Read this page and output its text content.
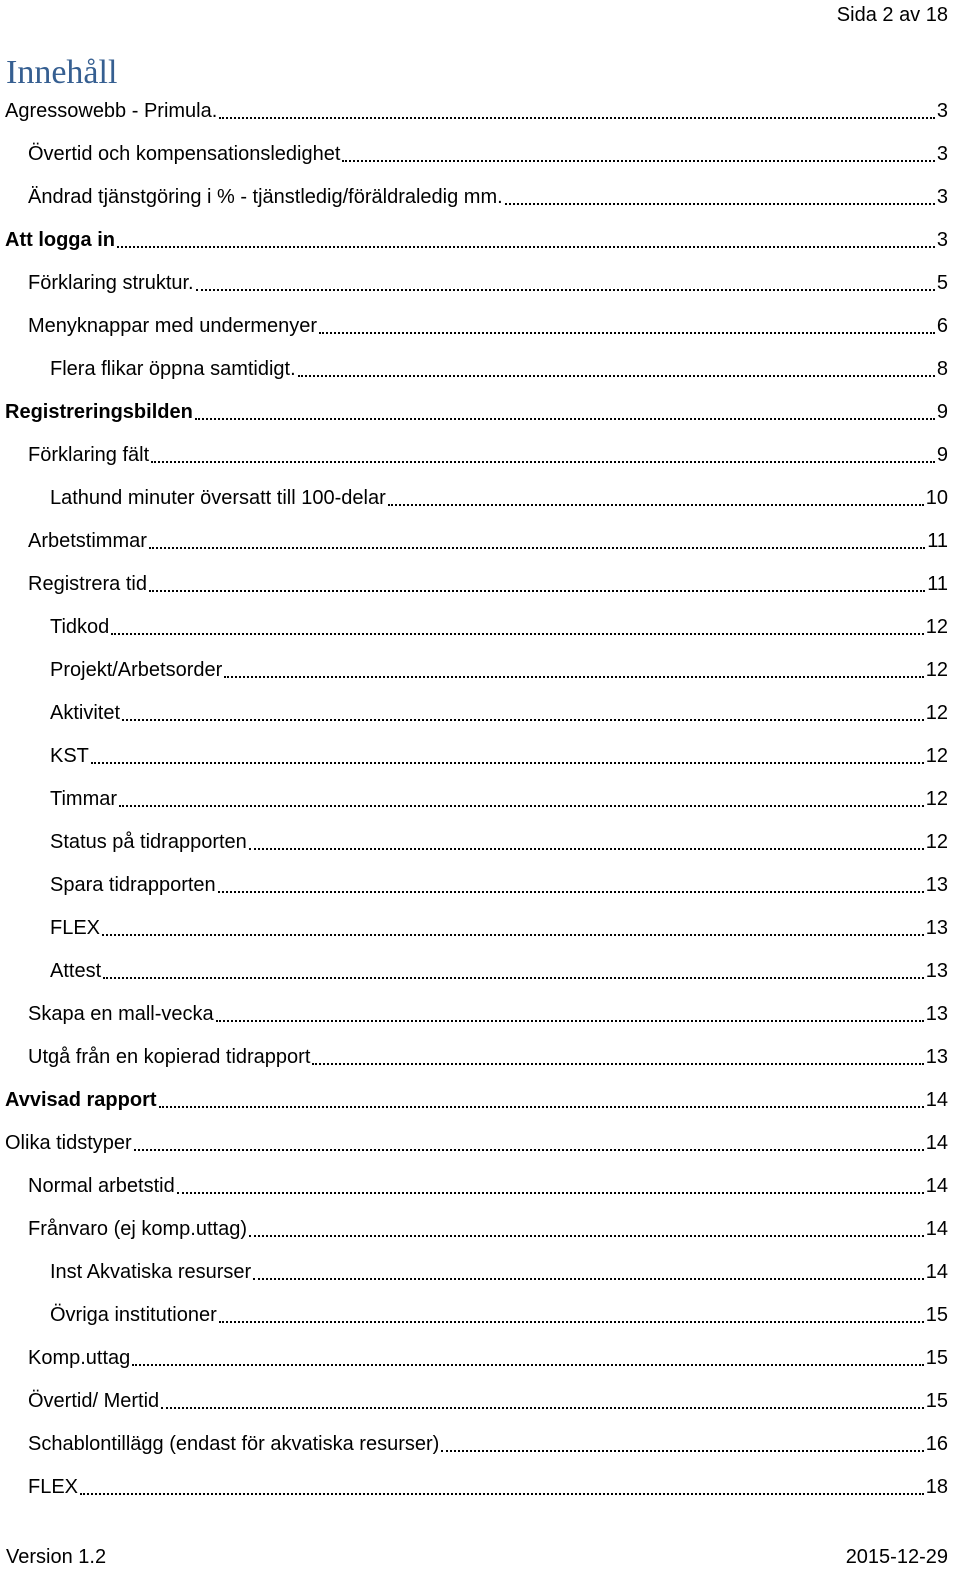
Sida 2 av 18
Innehåll
Agressowebb - Primula.	3
Övertid och kompensationsledighet	3
Ändrad tjänstgöring i % - tjänstledig/föräldraledig mm.	3
Att logga in	3
Förklaring struktur.	5
Menyknappar med undermenyer	6
Flera flikar öppna samtidigt.	8
Registreringsbilden	9
Förklaring fält	9
Lathund minuter översatt till 100-delar	10
Arbetstimmar	11
Registrera tid	11
Tidkod	12
Projekt/Arbetsorder	12
Aktivitet	12
KST	12
Timmar	12
Status på tidrapporten	12
Spara tidrapporten	13
FLEX	13
Attest	13
Skapa en mall-vecka	13
Utgå från en kopierad tidrapport	13
Avvisad rapport	14
Olika tidstyper	14
Normal arbetstid	14
Frånvaro (ej komp.uttag)	14
Inst Akvatiska resurser	14
Övriga institutioner	15
Komp.uttag	15
Övertid/ Mertid	15
Schablontillägg (endast för akvatiska resurser)	16
FLEX	18
Version 1.2	2015-12-29
